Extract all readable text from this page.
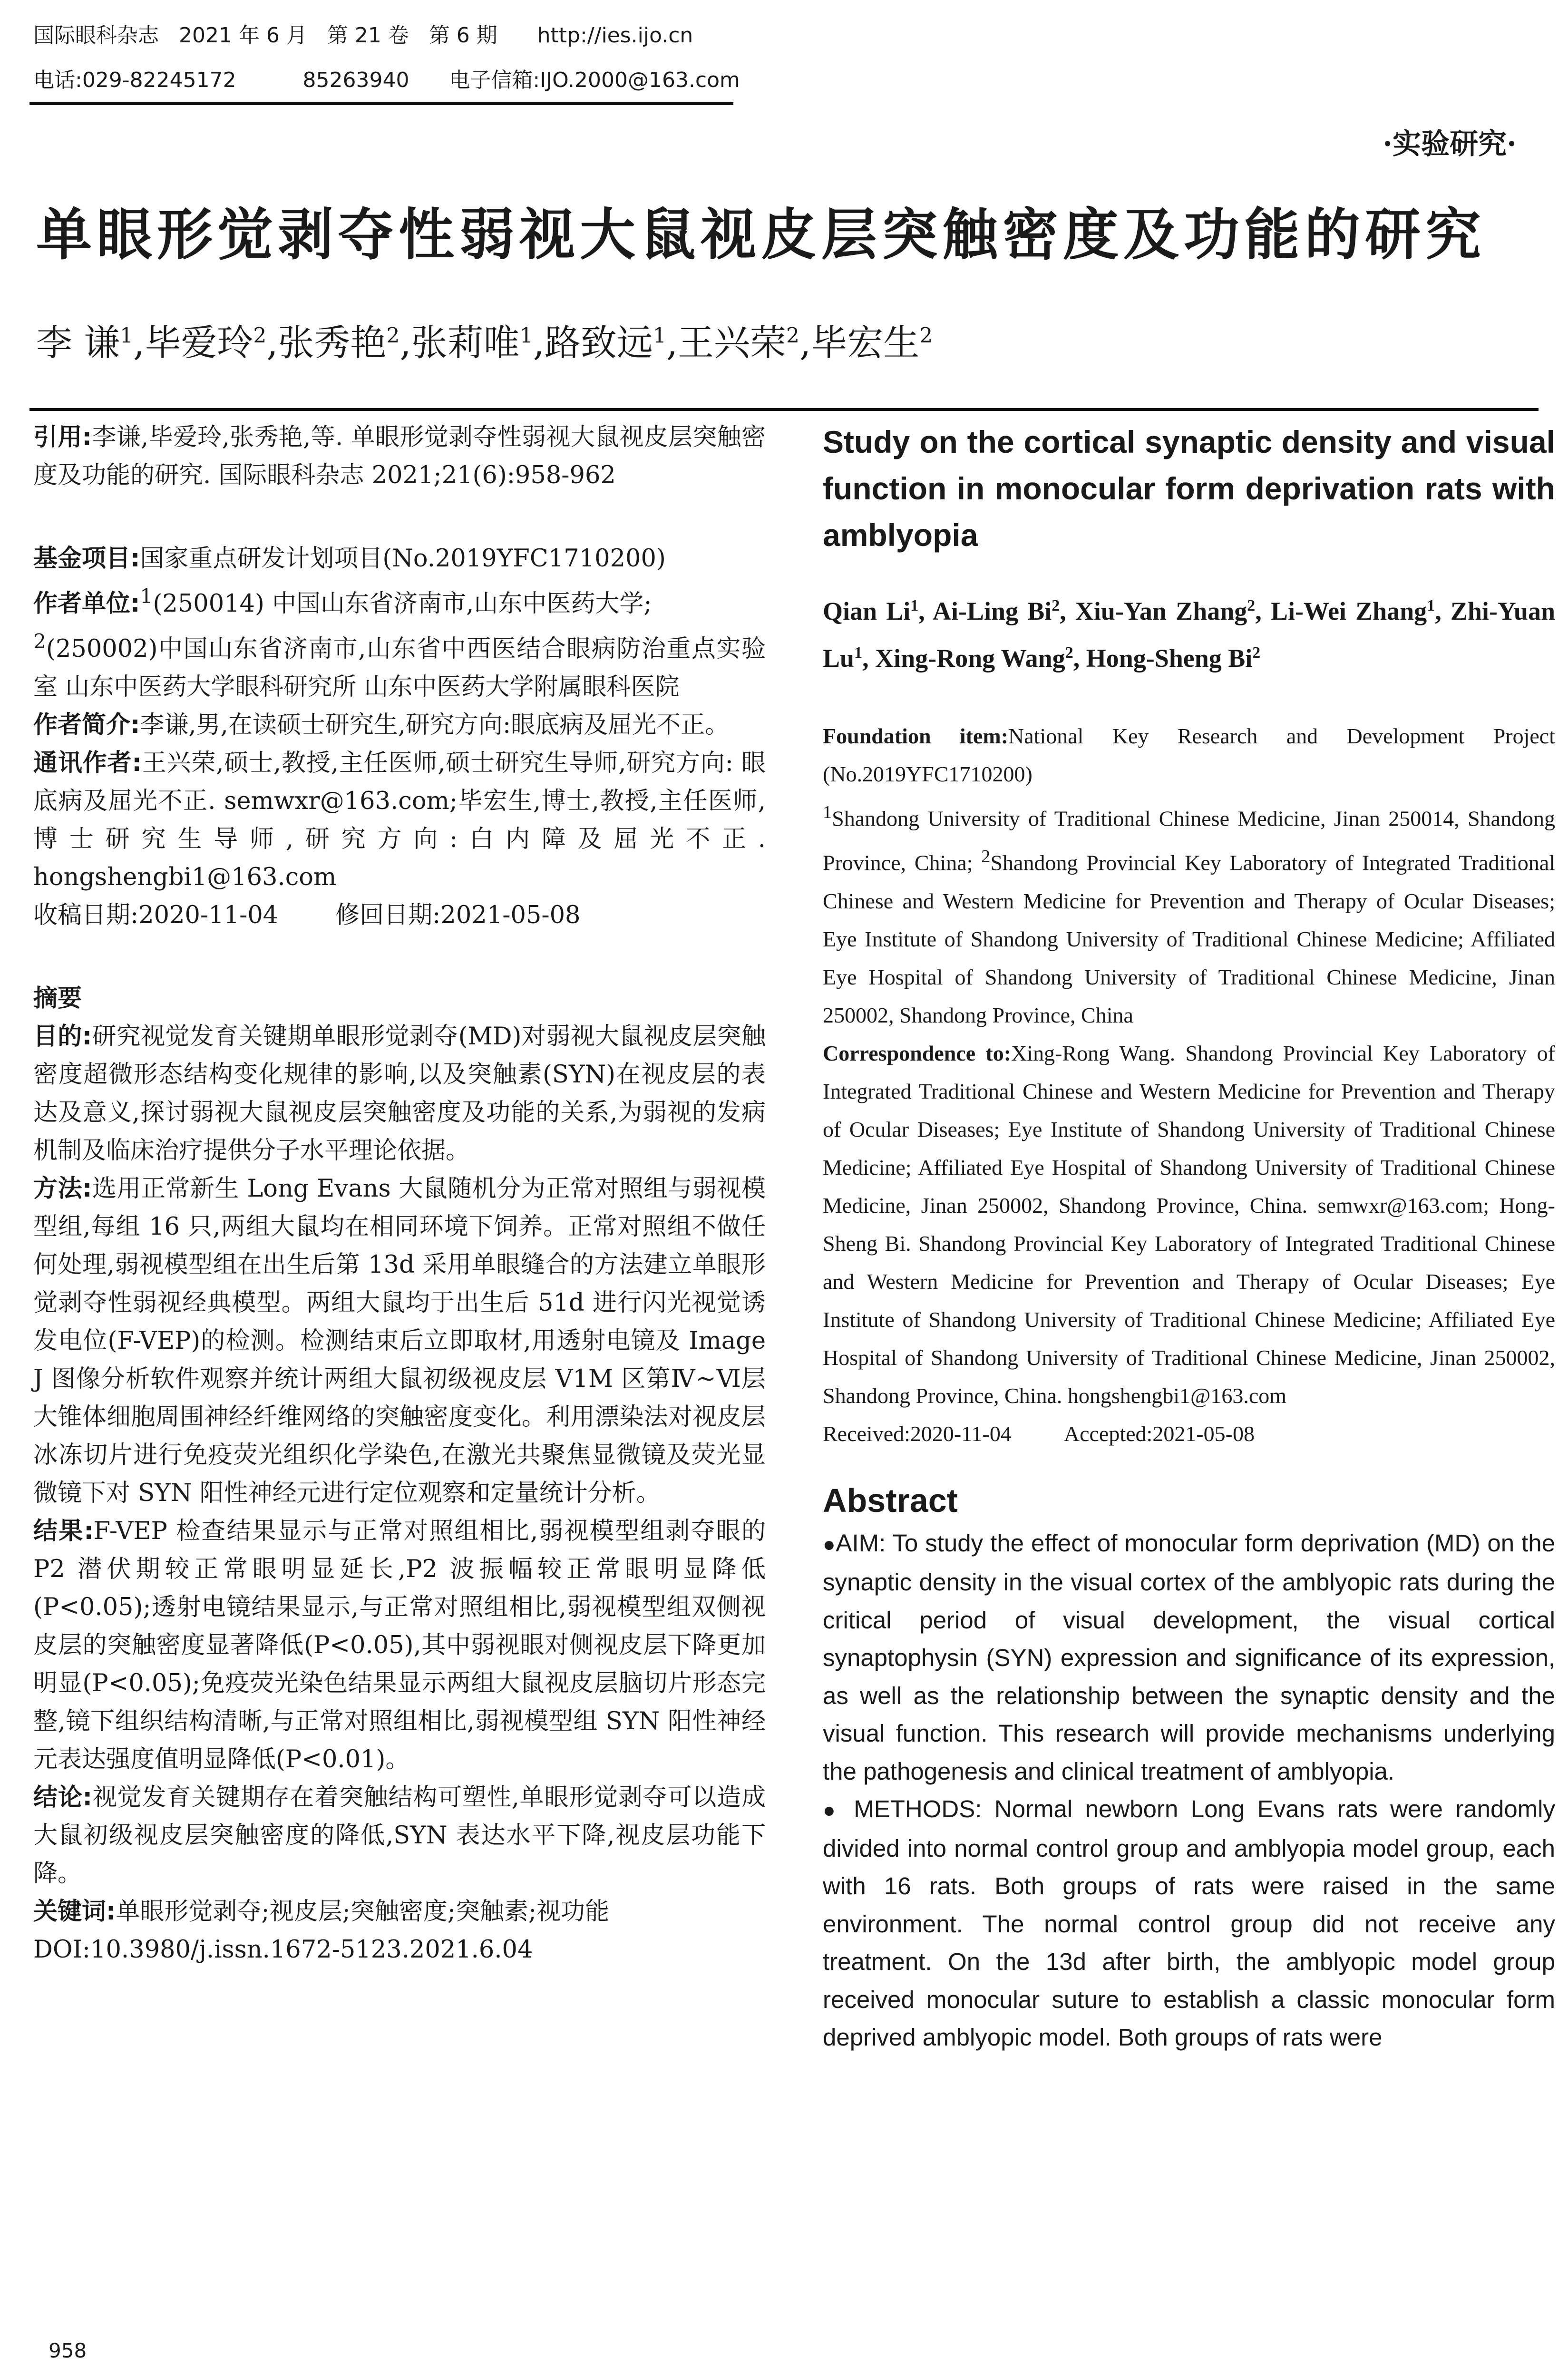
国际眼科杂志   2021 年 6 月   第 21 卷   第 6 期      http://ies.ijo.cn
电话:029-82245172          85263940      电子信箱:IJO.2000@163.com
·实验研究·
单眼形觉剥夺性弱视大鼠视皮层突触密度及功能的研究
李 谦$^1$,毕爱玲$^2$,张秀艳$^2$,张莉唯$^1$,路致远$^1$,王兴荣$^2$,毕宏生$^2$

引用:李谦,毕爱玲,张秀艳,等. 单眼形觉剥夺性弱视大鼠视皮层突触密度及功能的研究. 国际眼科杂志 2021;21(6):958-962

基金项目:国家重点研发计划项目(No.2019YFC1710200)

作者单位:$^1$(250014) 中国山东省济南市,山东中医药大学;
$^2$(250002)中国山东省济南市,山东省中西医结合眼病防治重点实验室 山东中医药大学眼科研究所 山东中医药大学附属眼科医院

作者简介:李谦,男,在读硕士研究生,研究方向:眼底病及屈光不正。

通讯作者:王兴荣,硕士,教授,主任医师,硕士研究生导师,研究方向: 眼底病及屈光不正. semwxr@163.com;毕宏生,博士,教授,主任医师,博士研究生导师,研究方向:白内障及屈光不正. hongshengbi1@163.com

收稿日期:2020-11-04 修回日期:2021-05-08

摘要

目的:研究视觉发育关键期单眼形觉剥夺(MD)对弱视大鼠视皮层突触密度超微形态结构变化规律的影响,以及突触素(SYN)在视皮层的表达及意义,探讨弱视大鼠视皮层突触密度及功能的关系,为弱视的发病机制及临床治疗提供分子水平理论依据。

方法:选用正常新生 Long Evans 大鼠随机分为正常对照组与弱视模型组,每组 16 只,两组大鼠均在相同环境下饲养。正常对照组不做任何处理,弱视模型组在出生后第 13d 采用单眼缝合的方法建立单眼形觉剥夺性弱视经典模型。两组大鼠均于出生后 51d 进行闪光视觉诱发电位(F-VEP)的检测。检测结束后立即取材,用透射电镜及 Image J 图像分析软件观察并统计两组大鼠初级视皮层 V1M 区第Ⅳ~Ⅵ层大锥体细胞周围神经纤维网络的突触密度变化。利用漂染法对视皮层冰冻切片进行免疫荧光组织化学染色,在激光共聚焦显微镜及荧光显微镜下对 SYN 阳性神经元进行定位观察和定量统计分析。

结果:F-VEP 检查结果显示与正常对照组相比,弱视模型组剥夺眼的 P2 潜伏期较正常眼明显延长,P2 波振幅较正常眼明显降低(P<0.05);透射电镜结果显示,与正常对照组相比,弱视模型组双侧视皮层的突触密度显著降低(P<0.05),其中弱视眼对侧视皮层下降更加明显(P<0.05);免疫荧光染色结果显示两组大鼠视皮层脑切片形态完整,镜下组织结构清晰,与正常对照组相比,弱视模型组 SYN 阳性神经元表达强度值明显降低(P<0.01)。

结论:视觉发育关键期存在着突触结构可塑性,单眼形觉剥夺可以造成大鼠初级视皮层突触密度的降低,SYN 表达水平下降,视皮层功能下降。

关键词:单眼形觉剥夺;视皮层;突触密度;突触素;视功能

DOI:10.3980/j.issn.1672-5123.2021.6.04

Study on the cortical synaptic density and visual function in monocular form deprivation rats with amblyopia

Qian Li$^1$, Ai-Ling Bi$^2$, Xiu-Yan Zhang$^2$, Li-Wei Zhang$^1$, Zhi-Yuan Lu$^1$, Xing-Rong Wang$^2$, Hong-Sheng Bi$^2$

Foundation item:National Key Research and Development Project (No.2019YFC1710200)

$^1$Shandong University of Traditional Chinese Medicine, Jinan 250014, Shandong Province, China; $^2$Shandong Provincial Key Laboratory of Integrated Traditional Chinese and Western Medicine for Prevention and Therapy of Ocular Diseases; Eye Institute of Shandong University of Traditional Chinese Medicine; Affiliated Eye Hospital of Shandong University of Traditional Chinese Medicine, Jinan 250002, Shandong Province, China

Correspondence to:Xing-Rong Wang. Shandong Provincial Key Laboratory of Integrated Traditional Chinese and Western Medicine for Prevention and Therapy of Ocular Diseases; Eye Institute of Shandong University of Traditional Chinese Medicine; Affiliated Eye Hospital of Shandong University of Traditional Chinese Medicine, Jinan 250002, Shandong Province, China. semwxr@163.com; Hong-Sheng Bi. Shandong Provincial Key Laboratory of Integrated Traditional Chinese and Western Medicine for Prevention and Therapy of Ocular Diseases; Eye Institute of Shandong University of Traditional Chinese Medicine; Affiliated Eye Hospital of Shandong University of Traditional Chinese Medicine, Jinan 250002, Shandong Province, China. hongshengbi1@163.com

Received:2020-11-04 Accepted:2021-05-08

Abstract

●AIM: To study the effect of monocular form deprivation (MD) on the synaptic density in the visual cortex of the amblyopic rats during the critical period of visual development, the visual cortical synaptophysin (SYN) expression and significance of its expression, as well as the relationship between the synaptic density and the visual function. This research will provide mechanisms underlying the pathogenesis and clinical treatment of amblyopia.

● METHODS: Normal newborn Long Evans rats were randomly divided into normal control group and amblyopia model group, each with 16 rats. Both groups of rats were raised in the same environment. The normal control group did not receive any treatment. On the 13d after birth, the amblyopic model group received monocular suture to establish a classic monocular form deprived amblyopic model. Both groups of rats were

958
